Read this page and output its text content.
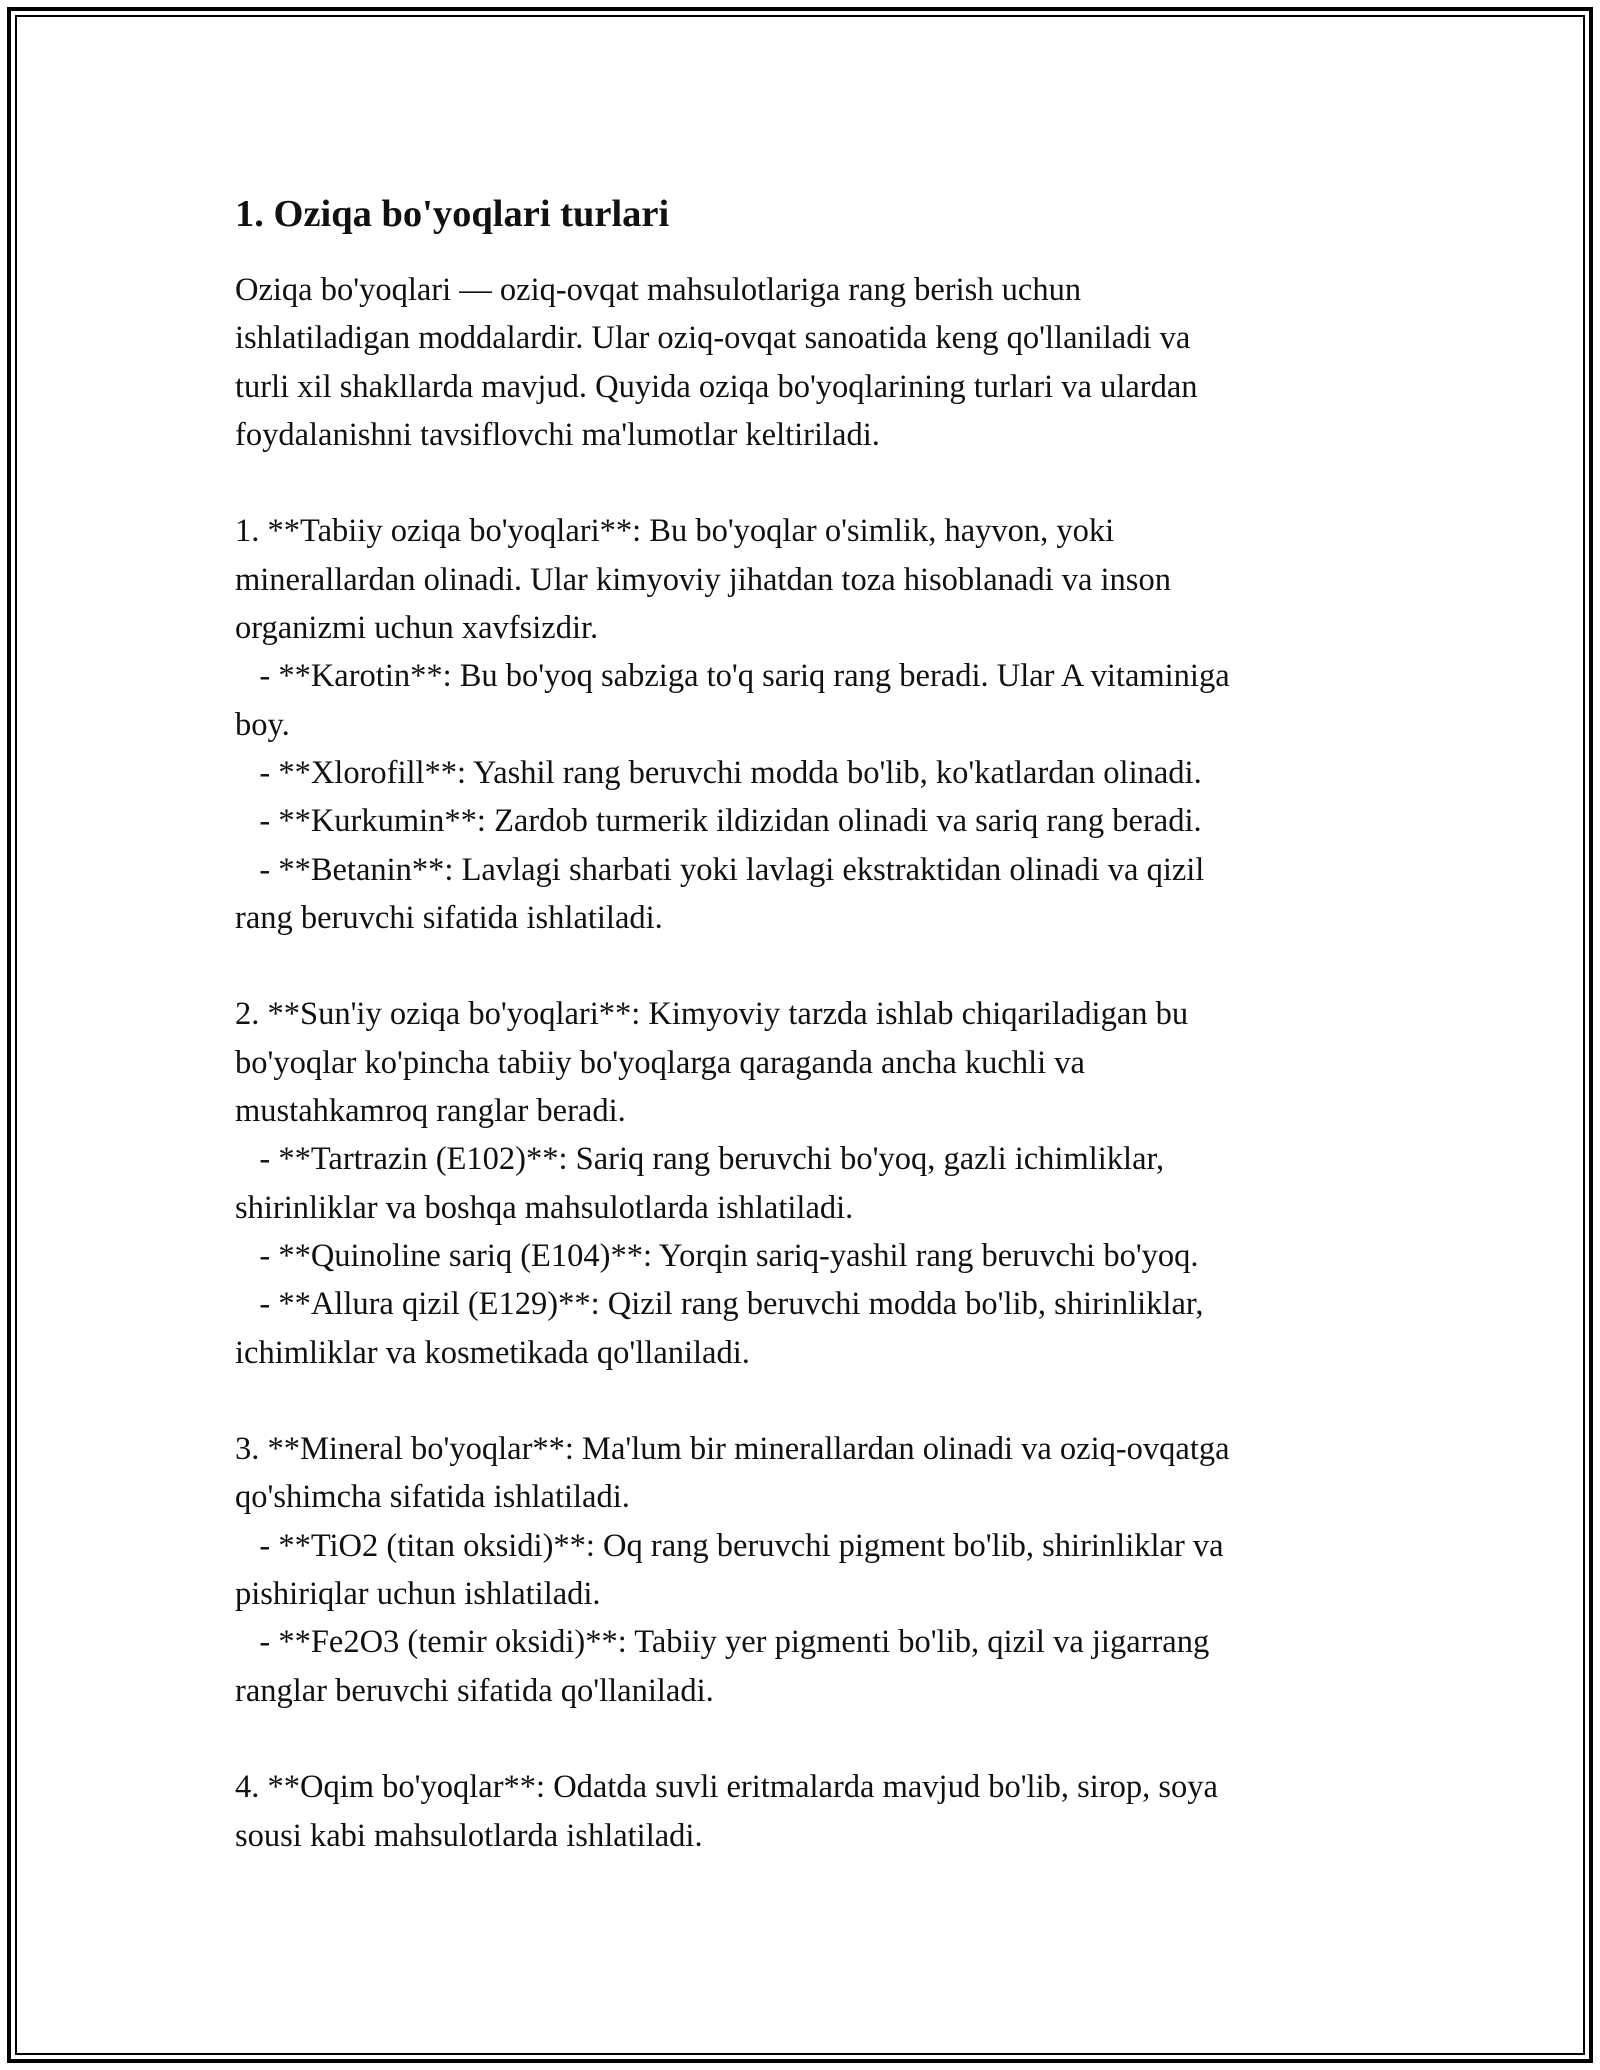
1. Oziqa bo'yoqlari turlari
Oziqa bo'yoqlari — oziq-ovqat mahsulotlariga rang berish uchun
ishlatiladigan moddalardir. Ular oziq-ovqat sanoatida keng qo'llaniladi va
turli xil shakllarda mavjud. Quyida oziqa bo'yoqlarining turlari va ulardan
foydalanishni tavsiflovchi ma'lumotlar keltiriladi.
1. **Tabiiy oziqa bo'yoqlari**: Bu bo'yoqlar o'simlik, hayvon, yoki
minerallardan olinadi. Ular kimyoviy jihatdan toza hisoblanadi va inson
organizmi uchun xavfsizdir.
- **Karotin**: Bu bo'yoq sabziga to'q sariq rang beradi. Ular A vitaminiga
boy.
- **Xlorofill**: Yashil rang beruvchi modda bo'lib, ko'katlardan olinadi.
- **Kurkumin**: Zardob turmerik ildizidan olinadi va sariq rang beradi.
- **Betanin**: Lavlagi sharbati yoki lavlagi ekstraktidan olinadi va qizil
rang beruvchi sifatida ishlatiladi.
2. **Sun'iy oziqa bo'yoqlari**: Kimyoviy tarzda ishlab chiqariladigan bu
bo'yoqlar ko'pincha tabiiy bo'yoqlarga qaraganda ancha kuchli va
mustahkamroq ranglar beradi.
- **Tartrazin (E102)**: Sariq rang beruvchi bo'yoq, gazli ichimliklar,
shirinliklar va boshqa mahsulotlarda ishlatiladi.
- **Quinoline sariq (E104)**: Yorqin sariq-yashil rang beruvchi bo'yoq.
- **Allura qizil (E129)**: Qizil rang beruvchi modda bo'lib, shirinliklar,
ichimliklar va kosmetikada qo'llaniladi.
3. **Mineral bo'yoqlar**: Ma'lum bir minerallardan olinadi va oziq-ovqatga
qo'shimcha sifatida ishlatiladi.
- **TiO2 (titan oksidi)**: Oq rang beruvchi pigment bo'lib, shirinliklar va
pishiriqlar uchun ishlatiladi.
- **Fe2O3 (temir oksidi)**: Tabiiy yer pigmenti bo'lib, qizil va jigarrang
ranglar beruvchi sifatida qo'llaniladi.
4. **Oqim bo'yoqlar**: Odatda suvli eritmalarda mavjud bo'lib, sirop, soya
sousi kabi mahsulotlarda ishlatiladi.
